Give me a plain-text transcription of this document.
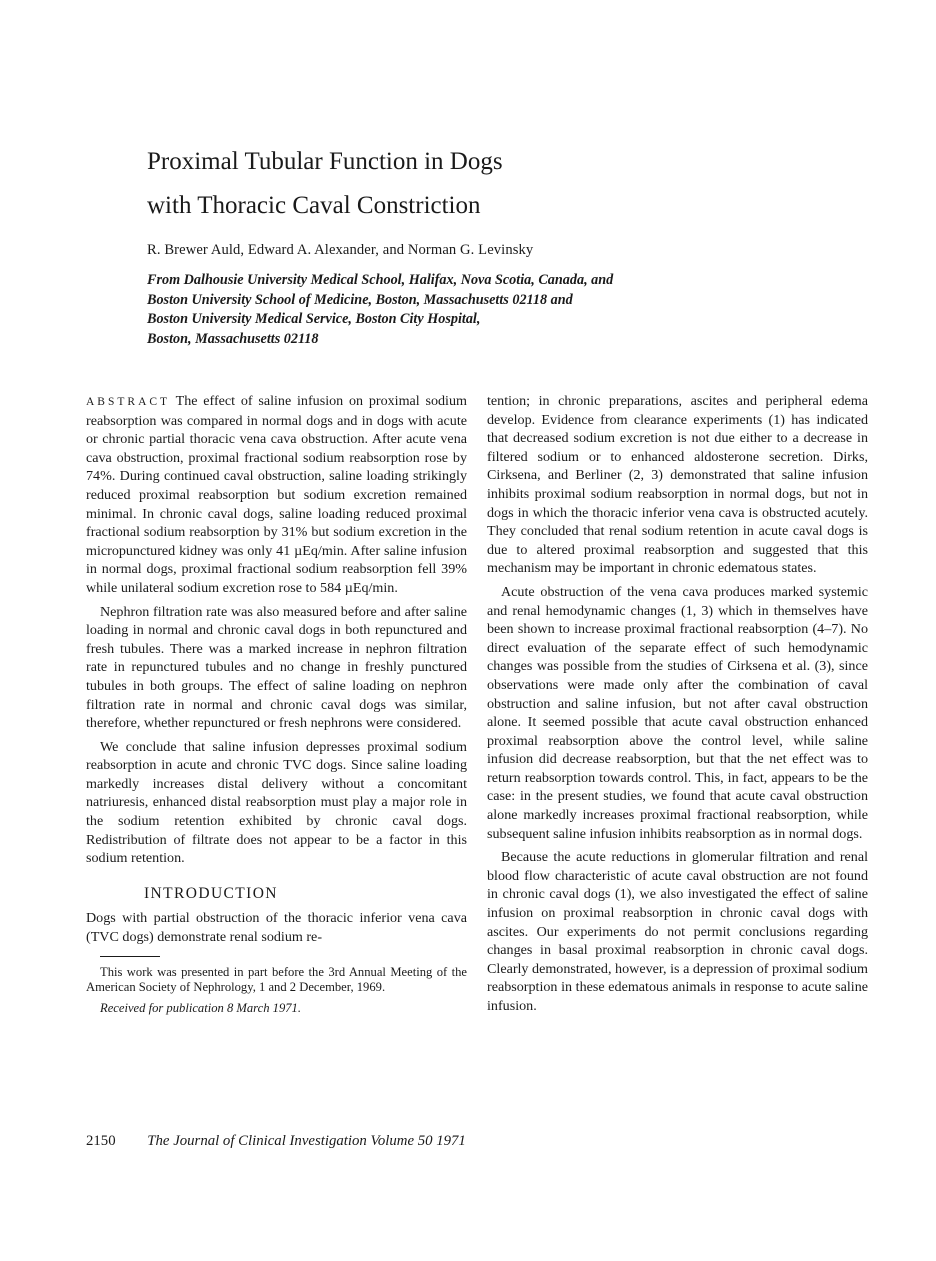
Proximal Tubular Function in Dogs
with Thoracic Caval Constriction
R. Brewer Auld, Edward A. Alexander, and Norman G. Levinsky
From Dalhousie University Medical School, Halifax, Nova Scotia, Canada, and
Boston University School of Medicine, Boston, Massachusetts 02118 and
Boston University Medical Service, Boston City Hospital,
Boston, Massachusetts 02118

ABSTRACT The effect of saline infusion on proximal sodium reabsorption was compared in normal dogs and in dogs with acute or chronic partial thoracic vena cava obstruction. After acute vena cava obstruction, proximal fractional sodium reabsorption rose by 74%. During continued caval obstruction, saline loading strikingly reduced proximal reabsorption but sodium excretion remained minimal. In chronic caval dogs, saline loading reduced proximal fractional sodium reabsorption by 31% but sodium excretion in the micropunctured kidney was only 41 µEq/min. After saline infusion in normal dogs, proximal fractional sodium reabsorption fell 39% while unilateral sodium excretion rose to 584 µEq/min.

Nephron filtration rate was also measured before and after saline loading in normal and chronic caval dogs in both repunctured and fresh tubules. There was a marked increase in nephron filtration rate in repunctured tubules and no change in freshly punctured tubules in both groups. The effect of saline loading on nephron filtration rate in normal and chronic caval dogs was similar, therefore, whether repunctured or fresh nephrons were considered.

We conclude that saline infusion depresses proximal sodium reabsorption in acute and chronic TVC dogs. Since saline loading markedly increases distal delivery without a concomitant natriuresis, enhanced distal reabsorption must play a major role in the sodium retention exhibited by chronic caval dogs. Redistribution of filtrate does not appear to be a factor in this sodium retention.

INTRODUCTION

Dogs with partial obstruction of the thoracic inferior vena cava (TVC dogs) demonstrate renal sodium re-

This work was presented in part before the 3rd Annual Meeting of the American Society of Nephrology, 1 and 2 December, 1969.

Received for publication 8 March 1971.

tention; in chronic preparations, ascites and peripheral edema develop. Evidence from clearance experiments (1) has indicated that decreased sodium excretion is not due either to a decrease in filtered sodium or to enhanced aldosterone secretion. Dirks, Cirksena, and Berliner (2, 3) demonstrated that saline infusion inhibits proximal sodium reabsorption in normal dogs, but not in dogs in which the thoracic inferior vena cava is obstructed acutely. They concluded that renal sodium retention in acute caval dogs is due to altered proximal reabsorption and suggested that this mechanism may be important in chronic edematous states.

Acute obstruction of the vena cava produces marked systemic and renal hemodynamic changes (1, 3) which in themselves have been shown to increase proximal fractional reabsorption (4–7). No direct evaluation of the separate effect of such hemodynamic changes was possible from the studies of Cirksena et al. (3), since observations were made only after the combination of caval obstruction and saline infusion, but not after caval obstruction alone. It seemed possible that acute caval obstruction enhanced proximal reabsorption above the control level, while saline infusion did decrease reabsorption, but that the net effect was to return reabsorption towards control. This, in fact, appears to be the case: in the present studies, we found that acute caval obstruction alone markedly increases proximal fractional reabsorption, while subsequent saline infusion inhibits reabsorption as in normal dogs.

Because the acute reductions in glomerular filtration and renal blood flow characteristic of acute caval obstruction are not found in chronic caval dogs (1), we also investigated the effect of saline infusion on proximal reabsorption in chronic caval dogs with ascites. Our experiments do not permit conclusions regarding changes in basal proximal reabsorption in chronic caval dogs. Clearly demonstrated, however, is a depression of proximal sodium reabsorption in these edematous animals in response to acute saline infusion.

2150 The Journal of Clinical Investigation Volume 50 1971
